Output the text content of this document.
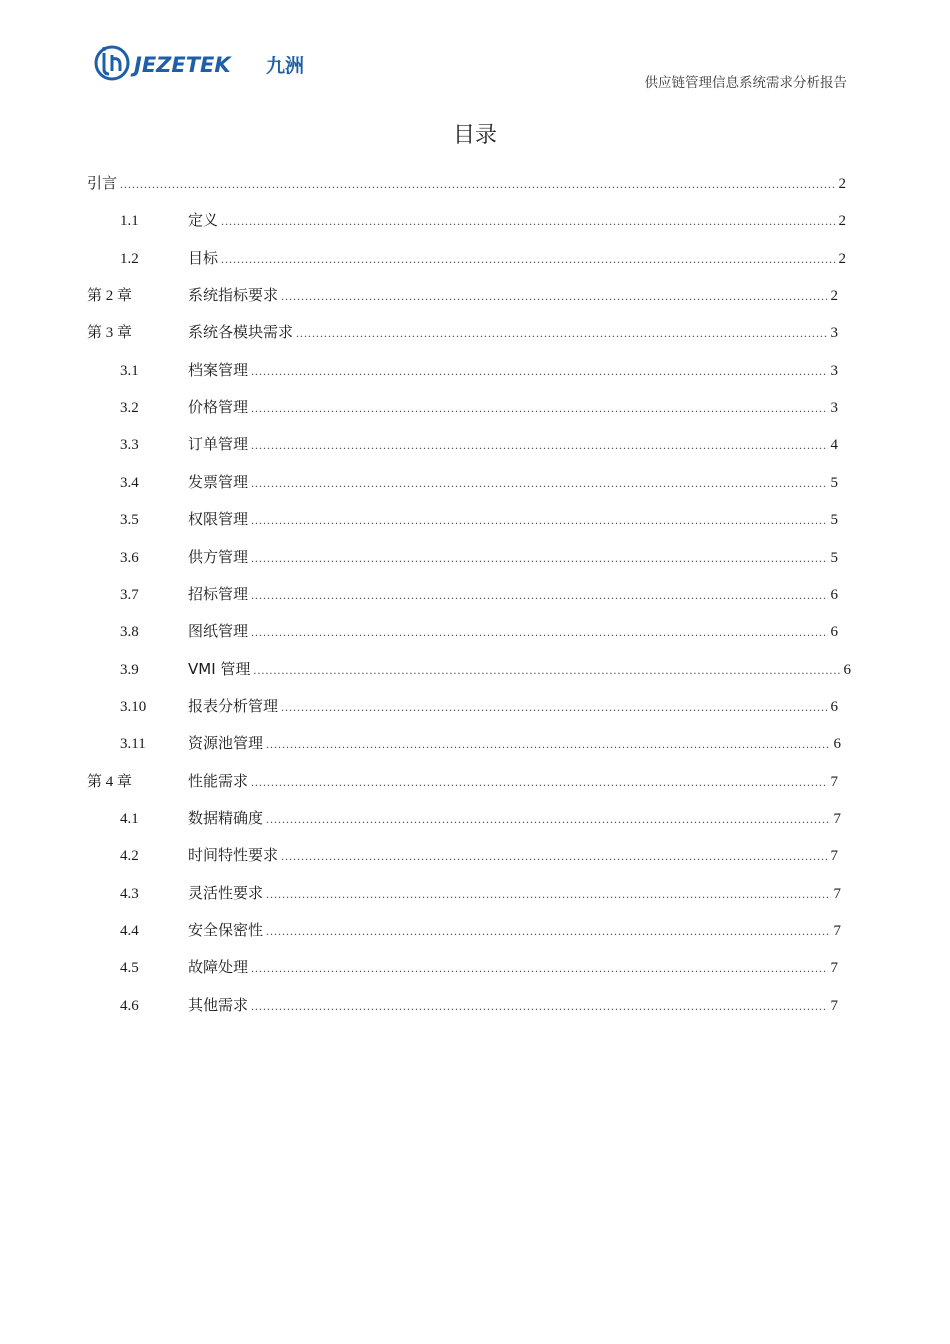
JEZETEK 九洲
供应链管理信息系统需求分析报告
目录
引言 .....	2
1.1	定义 .....	2
1.2	目标 .....	2
第 2 章	系统指标要求 .....	2
第 3 章	系统各模块需求 .....	3
3.1	档案管理 .....	3
3.2	价格管理 .....	3
3.3	订单管理 .....	4
3.4	发票管理 .....	5
3.5	权限管理 .....	5
3.6	供方管理 .....	5
3.7	招标管理 .....	6
3.8	图纸管理 .....	6
3.9	VMI 管理 .....	6
3.10	报表分析管理 .....	6
3.11	资源池管理 .....	6
第 4 章	性能需求 .....	7
4.1	数据精确度 .....	7
4.2	时间特性要求 .....	7
4.3	灵活性要求 .....	7
4.4	安全保密性 .....	7
4.5	故障处理 .....	7
4.6	其他需求 .....	7
